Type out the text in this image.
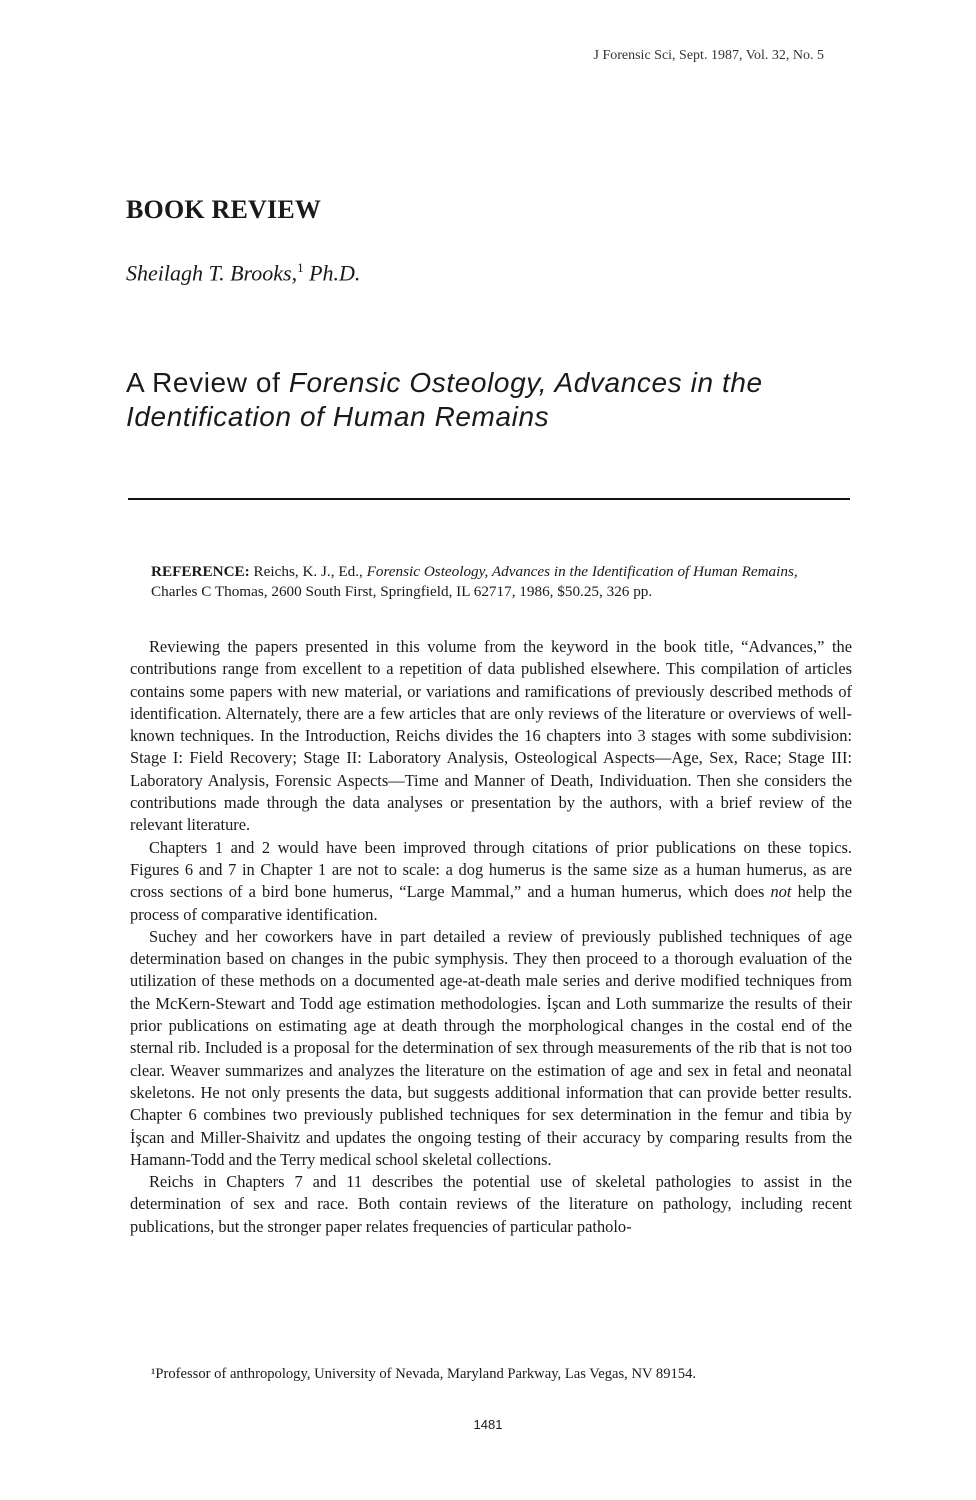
J Forensic Sci, Sept. 1987, Vol. 32, No. 5
BOOK REVIEW
Sheilagh T. Brooks,$^1$ Ph.D.
A Review of Forensic Osteology, Advances in the Identification of Human Remains
REFERENCE: Reichs, K. J., Ed., Forensic Osteology, Advances in the Identification of Human Remains, Charles C Thomas, 2600 South First, Springfield, IL 62717, 1986, $50.25, 326 pp.

Reviewing the papers presented in this volume from the keyword in the book title, “Advances,” the contributions range from excellent to a repetition of data published elsewhere. This compilation of articles contains some papers with new material, or variations and ramifications of previously described methods of identification. Alternately, there are a few articles that are only reviews of the literature or overviews of well-known techniques. In the Introduction, Reichs divides the 16 chapters into 3 stages with some subdivision: Stage I: Field Recovery; Stage II: Laboratory Analysis, Osteological Aspects—Age, Sex, Race; Stage III: Laboratory Analysis, Forensic Aspects—Time and Manner of Death, Individuation. Then she considers the contributions made through the data analyses or presentation by the authors, with a brief review of the relevant literature.

Chapters 1 and 2 would have been improved through citations of prior publications on these topics. Figures 6 and 7 in Chapter 1 are not to scale: a dog humerus is the same size as a human humerus, as are cross sections of a bird bone humerus, “Large Mammal,” and a human humerus, which does not help the process of comparative identification.

Suchey and her coworkers have in part detailed a review of previously published techniques of age determination based on changes in the pubic symphysis. They then proceed to a thorough evaluation of the utilization of these methods on a documented age-at-death male series and derive modified techniques from the McKern-Stewart and Todd age estimation methodologies. İşcan and Loth summarize the results of their prior publications on estimating age at death through the morphological changes in the costal end of the sternal rib. Included is a proposal for the determination of sex through measurements of the rib that is not too clear. Weaver summarizes and analyzes the literature on the estimation of age and sex in fetal and neonatal skeletons. He not only presents the data, but suggests additional information that can provide better results. Chapter 6 combines two previously published techniques for sex determination in the femur and tibia by İşcan and Miller-Shaivitz and updates the ongoing testing of their accuracy by comparing results from the Hamann-Todd and the Terry medical school skeletal collections.

Reichs in Chapters 7 and 11 describes the potential use of skeletal pathologies to assist in the determination of sex and race. Both contain reviews of the literature on pathology, including recent publications, but the stronger paper relates frequencies of particular patholo-

¹Professor of anthropology, University of Nevada, Maryland Parkway, Las Vegas, NV 89154.
1481
